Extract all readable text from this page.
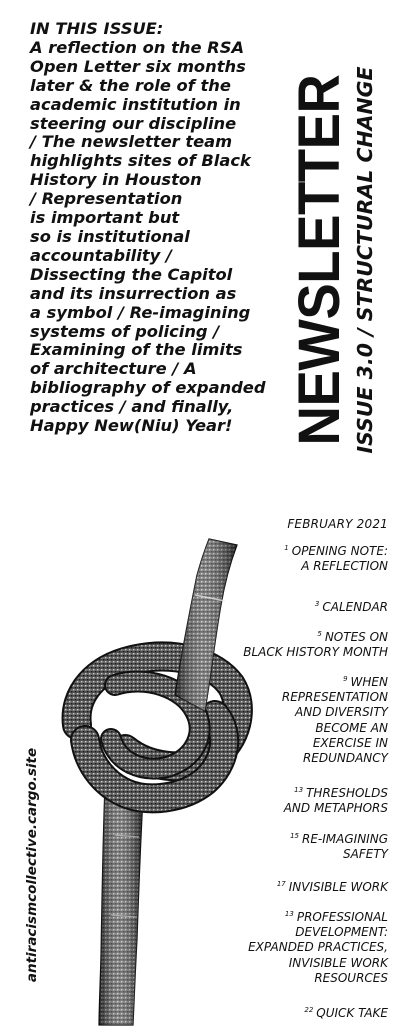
IN THIS ISSUE:
A reflection on the RSA
Open Letter six months
later & the role of the
academic institution in
steering our discipline
/ The newsletter team
highlights sites of Black
History in Houston
/ Representation
is important but
so is institutional
accountability /
Dissecting the Capitol
and its insurrection as
a symbol / Re-imagining
systems of policing /
Examining of the limits
of architecture / A
bibliography of expanded
practices / and finally,
Happy New(Niu) Year! NEWSLETTER ISSUE 3.0 / STRUCTURAL CHANGE
FEBRUARY 2021
$^1$ OPENING NOTE:
A REFLECTION
$^3$ CALENDAR
$^5$ NOTES ON
BLACK HISTORY MONTH
$^9$ WHEN
REPRESENTATION
AND DIVERSITY
BECOME AN
EXERCISE IN
REDUNDANCY
$^{13}$ THRESHOLDS
AND METAPHORS
$^{15}$ RE-IMAGINING
SAFETY
$^{17}$ INVISIBLE WORK
$^{13}$ PROFESSIONAL
DEVELOPMENT:
EXPANDED PRACTICES,
INVISIBLE WORK
RESOURCES
$^{22}$ QUICK TAKE
antiracismcollective.cargo.site
